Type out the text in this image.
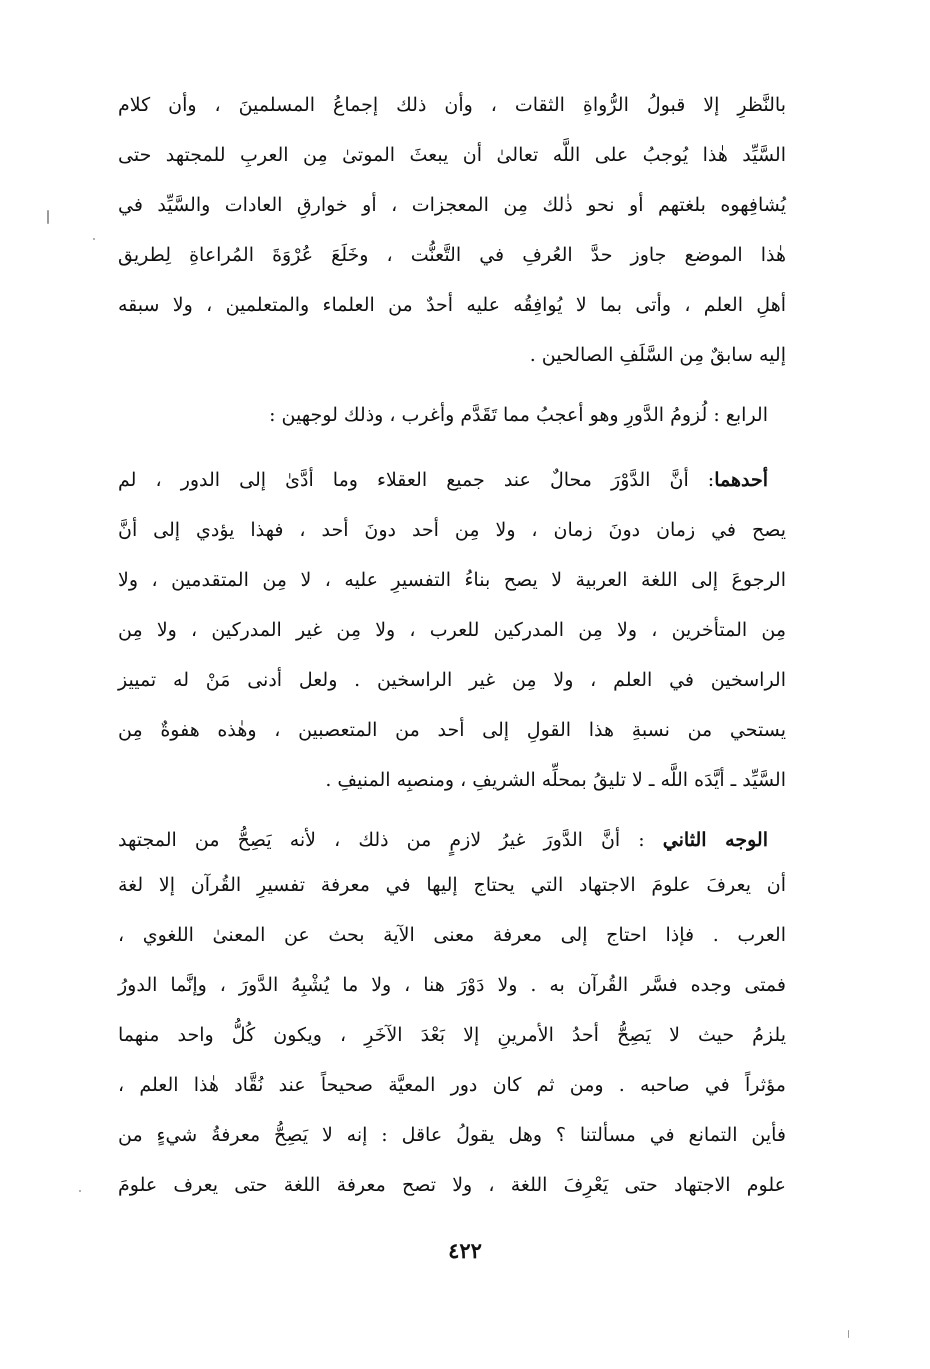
بالنَّظرِ إلا قبولُ الرُّواةِ الثقات ، وأن ذلك إجماعُ المسلمينَ ، وأن كلام
السَّيِّد هٰذا يُوجبُ على اللَّه تعالىٰ أن يبعثَ الموتىٰ مِن العربِ للمجتهد حتى
يُشافِهوه بلغتهم أو نحو ذٰلك مِن المعجزات ، أو خوارقِ العادات والسَّيِّد في
هٰذا الموضع جاوز حدَّ العُرفِ في التَّعنُّت ، وخَلَعَ عُرْوَةَ المُراعاةِ لِطريق
أهلِ العلم ، وأتى بما لا يُوافِقُه عليه أحدٌ من العلماء والمتعلمين ، ولا سبقه
إليه سابقٌ مِن السَّلَفِ الصالحين .
الرابع : لُزومُ الدَّورِ وهو أعجبُ مما تَقَدَّم وأغرب ، وذلك لوجهين :
أحدهما: أنَّ الدَّوْرَ محالٌ عند جميع العقلاء وما أدَّىٰ إلى الدور ، لم
يصح في زمان دونَ زمان ، ولا مِن أحد دونَ أحد ، فهذا يؤدي إلى أنَّ
الرجوعَ إلى اللغة العربية لا يصح بناءُ التفسيرِ عليه ، لا مِن المتقدمين ، ولا
مِن المتأخرين ، ولا مِن المدركين للعرب ، ولا مِن غير المدركين ، ولا مِن
الراسخين في العلم ، ولا مِن غير الراسخين . ولعل أدنى مَنْ له تمييز
يستحي من نسبةِ هذا القولِ إلى أحد من المتعصبين ، وهٰذه هفوةٌ مِن
السَّيِّد ـ أيَّدَه اللَّه ـ لا تليقُ بمحلِّه الشريفِ ، ومنصبِه المنيفِ .
الوجه الثاني : أنَّ الدَّورَ غيرُ لازمٍ من ذلك ، لأنه يَصِحُّ من المجتهد
أن يعرفَ علومَ الاجتهاد التي يحتاج إليها في معرفة تفسيرِ القُرآن إلا لغة
العرب . فإذا احتاج إلى معرفة معنى الآية بحث عن المعنىٰ اللغوي ،
فمتى وجده فسَّر القُرآن به . ولا دَوْرَ هنا ، ولا ما يُشْبِهُ الدَّورَ ، وإنَّما الدورُ
يلزمُ حيث لا يَصِحُّ أحدُ الأمرينِ إلا بَعْدَ الآخَرِ ، ويكون كُلُّ واحد منهما
مؤثراً في صاحبه . ومن ثم كان دور المعيَّة صحيحاً عند نُقَّاد هٰذا العلم ،
فأين التمانع في مسألتنا ؟ وهل يقولُ عاقل : إنه لا يَصِحُّ معرفةُ شيءٍ من
علوم الاجتهاد حتى يَعْرِفَ اللغة ، ولا تصح معرفة اللغة حتى يعرف علومَ
٤٢٢
